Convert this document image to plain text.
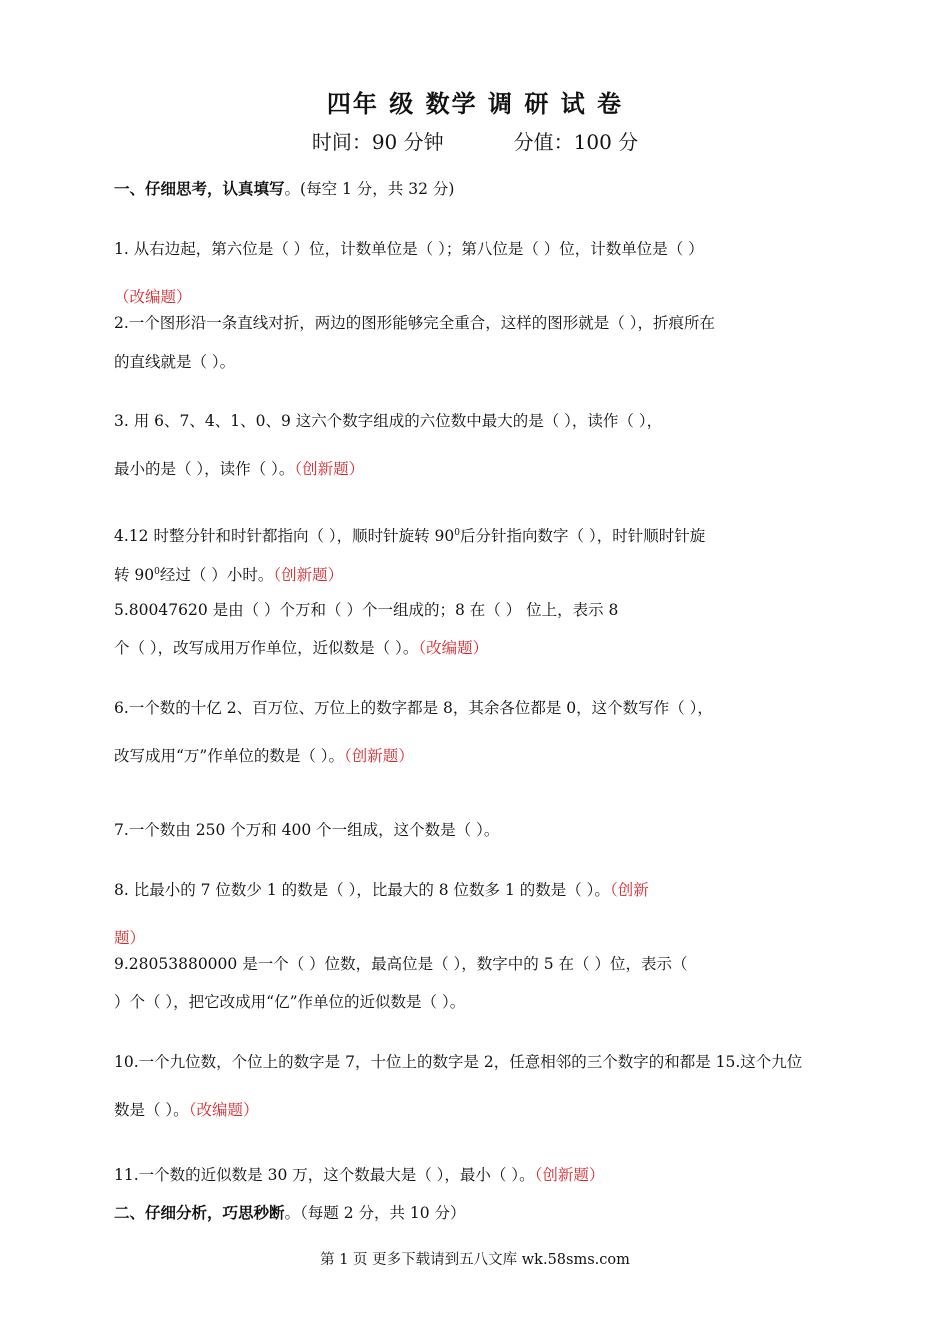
四年 级 数学 调 研 试 卷
时间：90 分钟	分值：100 分
一、仔细思考，认真填写。(每空 1 分，共 32 分)
1. 从右边起，第六位是（ ）位，计数单位是（ ）；第八位是（ ）位，计数单位是（ ）
（改编题）
2.一个图形沿一条直线对折，两边的图形能够完全重合，这样的图形就是（ ），折痕所在
的直线就是（ ）。
3. 用 6、7、4、1、0、9 这六个数字组成的六位数中最大的是（ ），读作（ ），
最小的是（ ），读作（ ）。（创新题）
4.12 时整分针和时针都指向（ ），顺时针旋转 $90^0$后分针指向数字（ ），时针顺时针旋
转 $90^0$经过（ ）小时。（创新题）
5.80047620 是由（ ）个万和（ ）个一组成的；8 在（ ） 位上，表示 8
个（ ），改写成用万作单位，近似数是（ ）。（改编题）
6.一个数的十亿 2、百万位、万位上的数字都是 8，其余各位都是 0，这个数写作（ ），
改写成用“万”作单位的数是（ ）。（创新题）
7.一个数由 250 个万和 400 个一组成，这个数是（ ）。
8. 比最小的 7 位数少 1 的数是（ ），比最大的 8 位数多 1 的数是（ ）。（创新
题）
9.28053880000 是一个（ ）位数，最高位是（ ），数字中的 5 在（ ）位，表示（
）个（ ），把它改成用“亿”作单位的近似数是（ ）。
10.一个九位数，个位上的数字是 7，十位上的数字是 2，任意相邻的三个数字的和都是 15.这个九位
数是（ ）。（改编题）
11.一个数的近似数是 30 万，这个数最大是（ ），最小（ ）。（创新题）
二、仔细分析，巧思秒断。（每题 2 分，共 10 分）
第 1 页 更多下载请到五八文库 wk.58sms.com
